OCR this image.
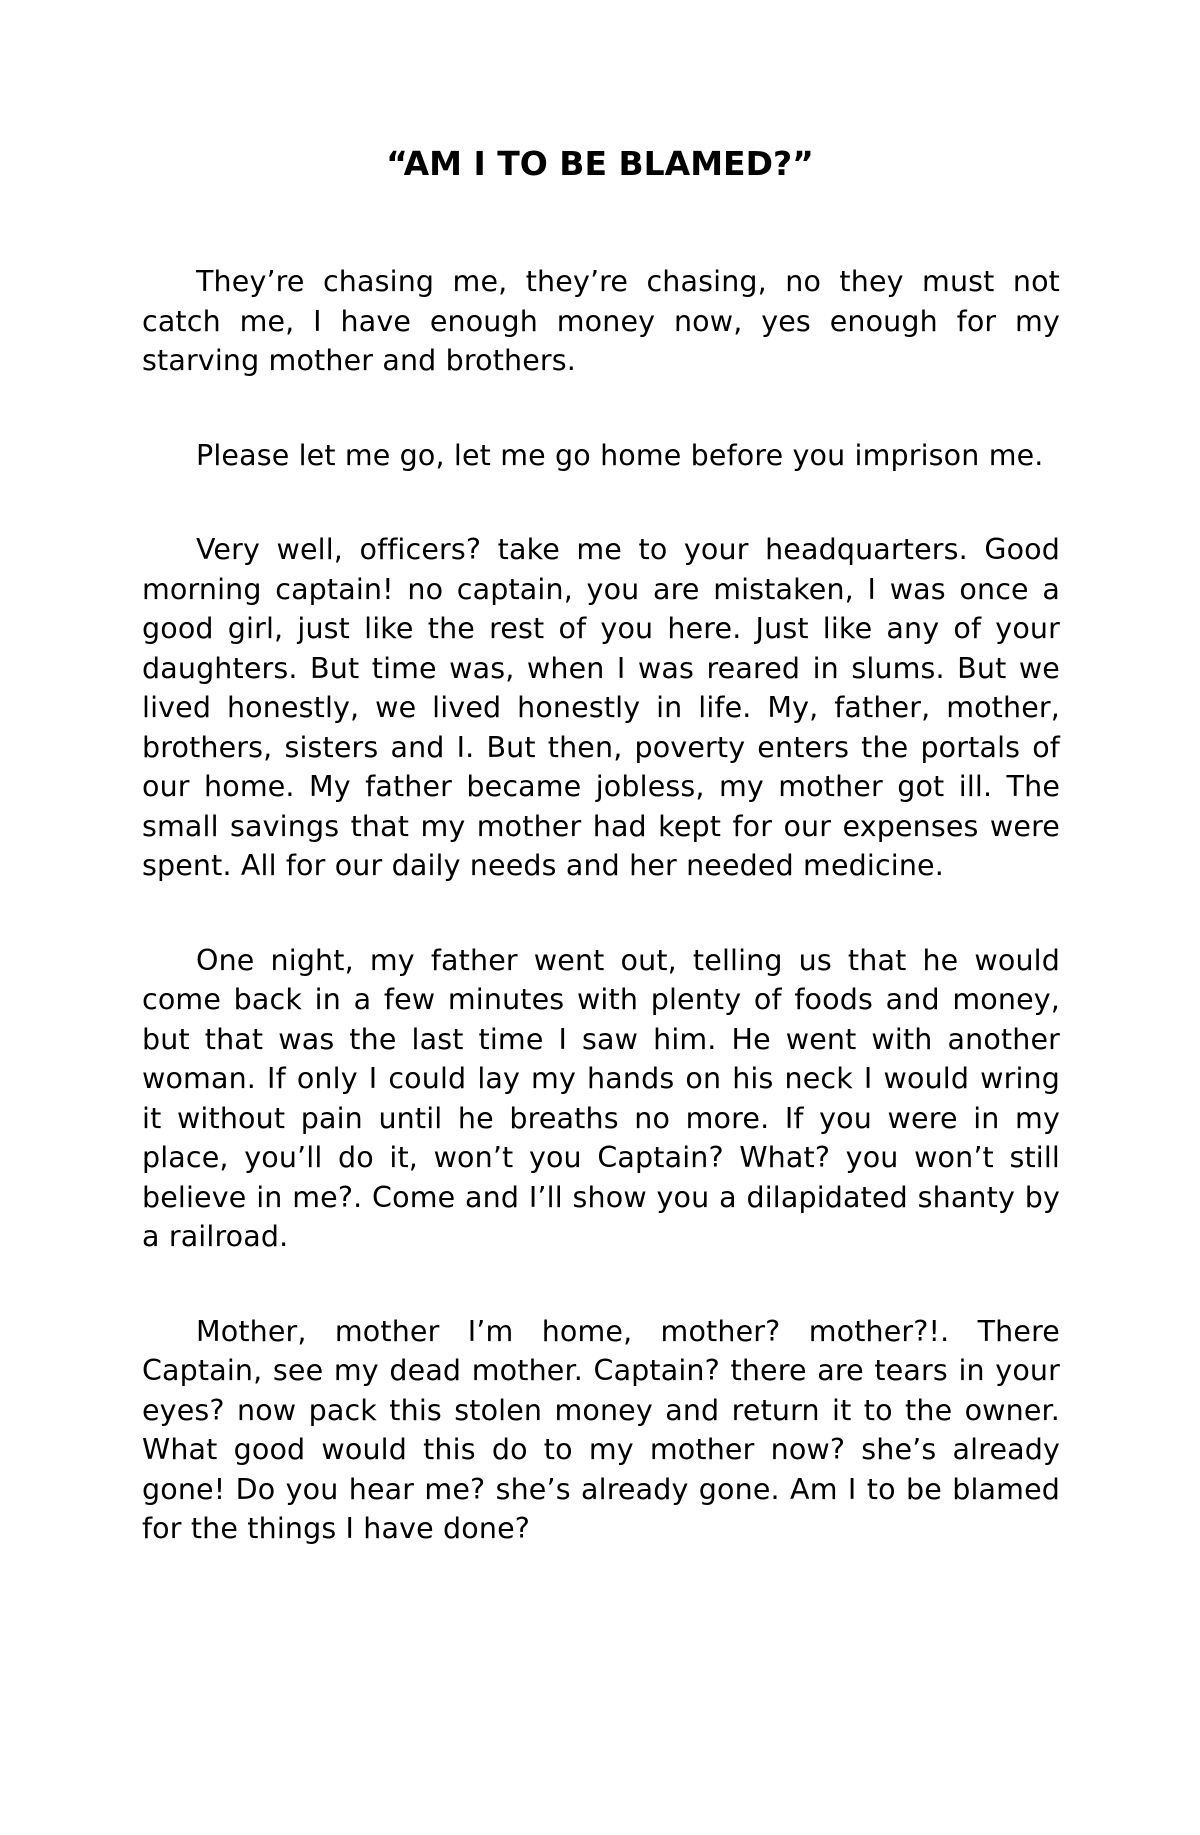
“AM I TO BE BLAMED?”

They’re chasing me, they’re chasing, no they must not catch me, I have enough money now, yes enough for my starving mother and brothers.

Please let me go, let me go home before you imprison me.

Very well, officers? take me to your headquarters. Good morning captain! no captain, you are mistaken, I was once a good girl, just like the rest of you here. Just like any of your daughters. But time was, when I was reared in slums. But we lived honestly, we lived honestly in life. My, father, mother, brothers, sisters and I. But then, poverty enters the portals of our home. My father became jobless, my mother got ill. The small savings that my mother had kept for our expenses were spent. All for our daily needs and her needed medicine.

One night, my father went out, telling us that he would come back in a few minutes with plenty of foods and money, but that was the last time I saw him. He went with another woman. If only I could lay my hands on his neck I would wring it without pain until he breaths no more. If you were in my place, you’ll do it, won’t you Captain? What? you won’t still believe in me?. Come and I’ll show you a dilapidated shanty by a railroad.

Mother, mother I’m home, mother? mother?!. There Captain, see my dead mother. Captain? there are tears in your eyes? now pack this stolen money and return it to the owner. What good would this do to my mother now? she’s already gone! Do you hear me? she’s already gone. Am I to be blamed for the things I have done?
